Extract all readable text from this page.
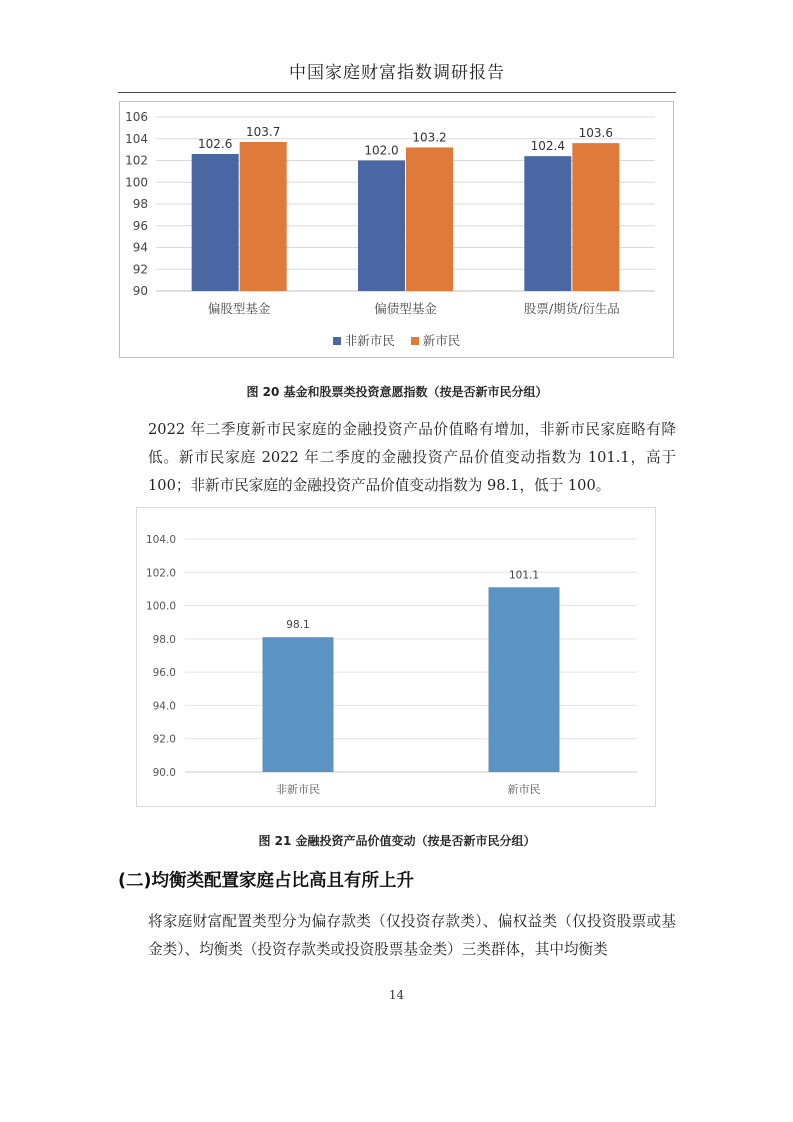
中国家庭财富指数调研报告
90
92
94
96
98
100
102
104
106
102.6
103.7
偏股型基金
102.0
103.2
偏债型基金
102.4
103.6
股票/期货/衍生品
非新市民 新市民
图 20 基金和股票类投资意愿指数（按是否新市民分组）
2022 年二季度新市民家庭的金融投资产品价值略有增加，非新市民家庭略有降低。新市民家庭 2022 年二季度的金融投资产品价值变动指数为 101.1，高于 100；非新市民家庭的金融投资产品价值变动指数为 98.1，低于 100。
90.0
92.0
94.0
96.0
98.0
100.0
102.0
104.0
98.1
非新市民
101.1
新市民
图 21 金融投资产品价值变动（按是否新市民分组）
(二)均衡类配置家庭占比高且有所上升
将家庭财富配置类型分为偏存款类（仅投资存款类）、偏权益类（仅投资股票或基金类）、均衡类（投资存款类或投资股票基金类）三类群体，其中均衡类
14
